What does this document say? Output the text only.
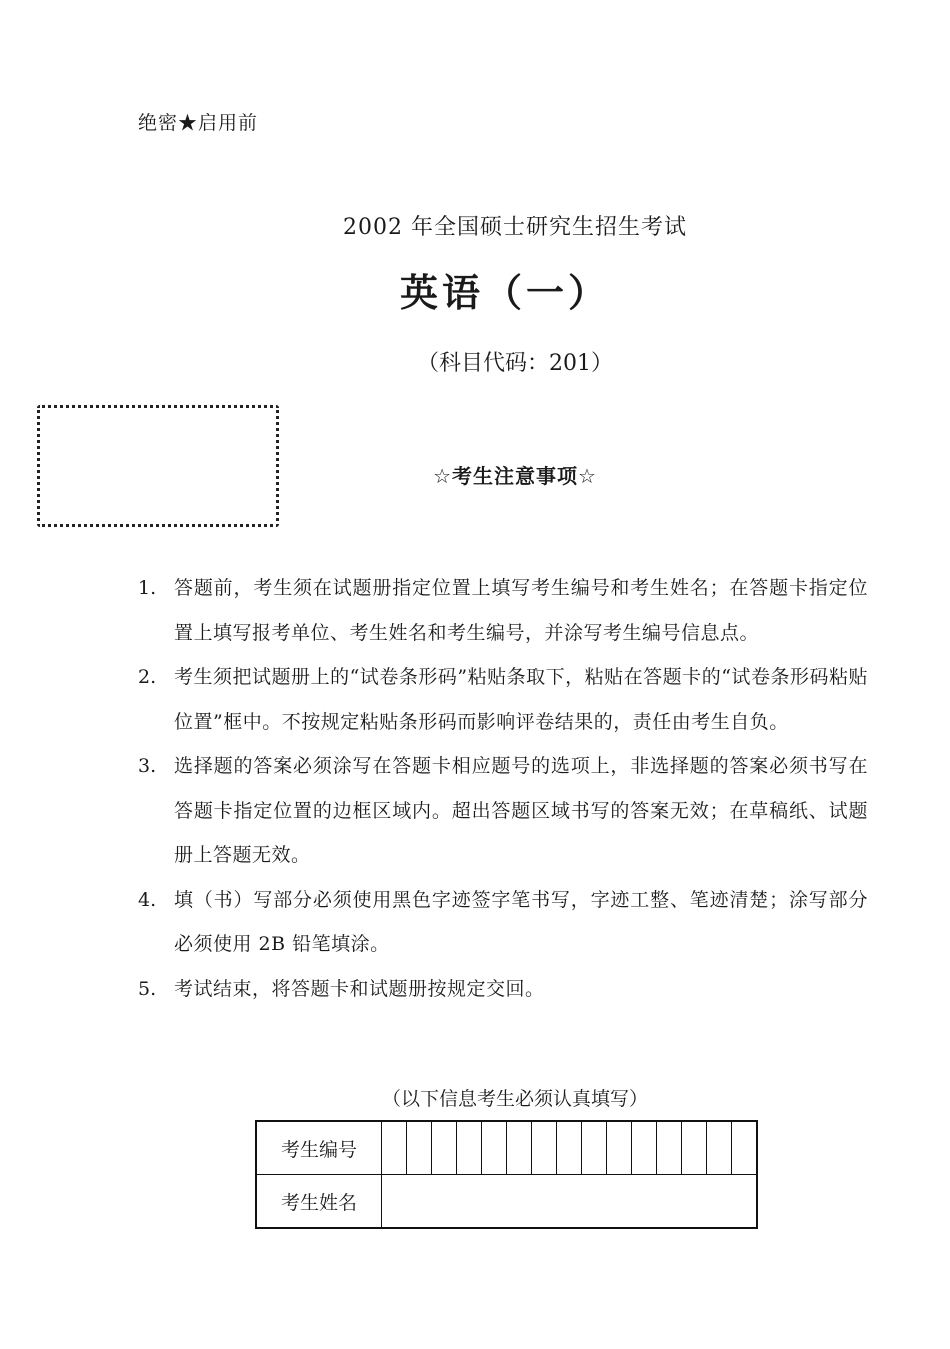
绝密★启用前
2002 年全国硕士研究生招生考试
英语（一）
（科目代码：201）
☆考生注意事项☆
1. 答题前，考生须在试题册指定位置上填写考生编号和考生姓名；在答题卡指定位置上填写报考单位、考生姓名和考生编号，并涂写考生编号信息点。
2. 考生须把试题册上的“试卷条形码”粘贴条取下，粘贴在答题卡的“试卷条形码粘贴位置”框中。不按规定粘贴条形码而影响评卷结果的，责任由考生自负。
3. 选择题的答案必须涂写在答题卡相应题号的选项上，非选择题的答案必须书写在答题卡指定位置的边框区域内。超出答题区域书写的答案无效；在草稿纸、试题册上答题无效。
4. 填（书）写部分必须使用黑色字迹签字笔书写，字迹工整、笔迹清楚；涂写部分必须使用 2B 铅笔填涂。
5. 考试结束，将答题卡和试题册按规定交回。
（以下信息考生必须认真填写）
考生编号															
考生姓名															
